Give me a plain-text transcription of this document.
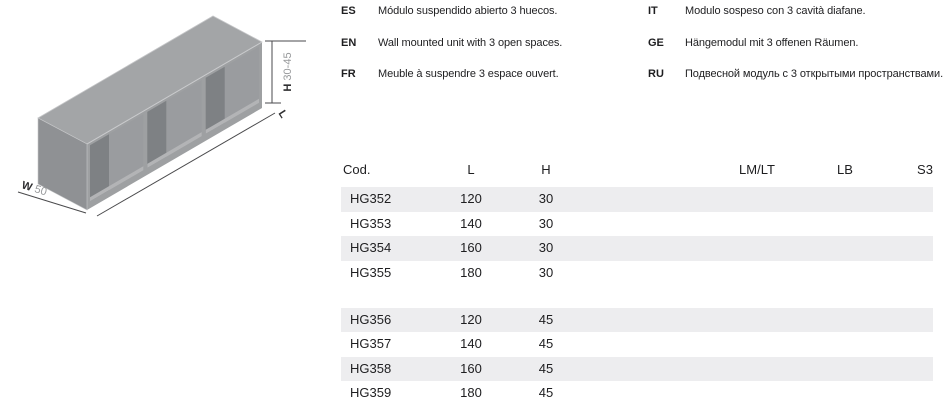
H 30-45
L
W 50
ES	Módulo suspendido abierto 3 huecos.
EN	Wall mounted unit with 3 open spaces.
FR	Meuble à suspendre 3 espace ouvert.
IT	Modulo sospeso con 3 cavità diafane.
GE	Hängemodul mit 3 offenen Räumen.
RU	Подвесной модуль с 3 открытыми пространствами.
Cod.	L	H	LM/LT	LB	S3
HG352	120	30
HG353	140	30
HG354	160	30
HG355	180	30
HG356	120	45
HG357	140	45
HG358	160	45
HG359	180	45
